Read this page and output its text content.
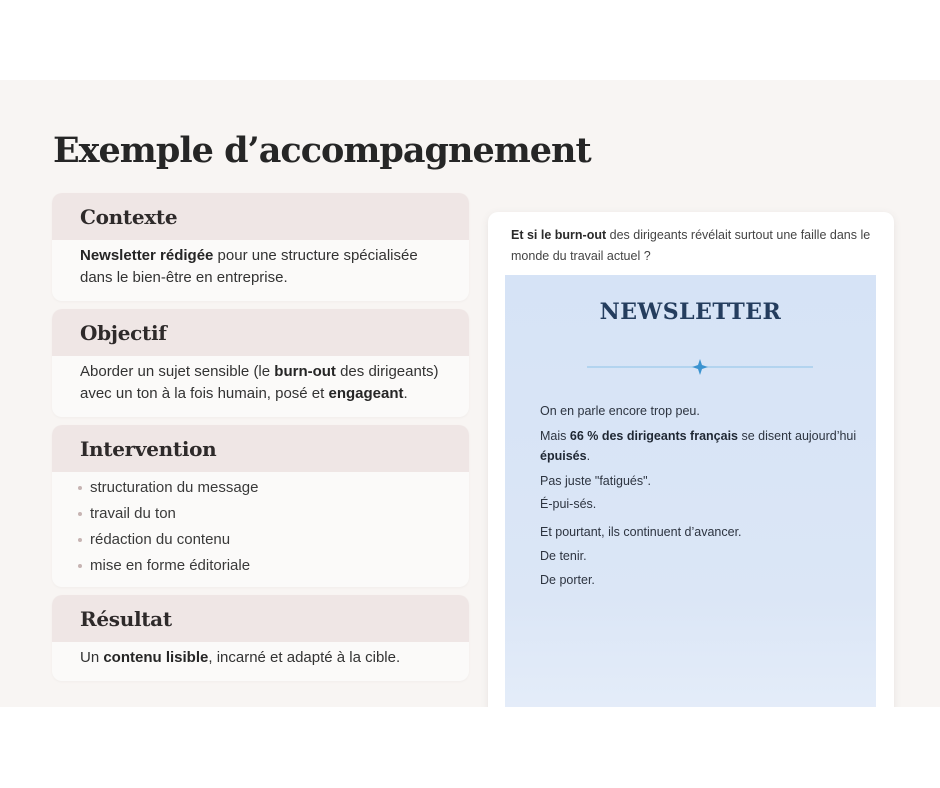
Exemple d’accompagnement
Contexte
Newsletter rédigée pour une structure spécialisée dans le bien-être en entreprise.
Objectif
Aborder un sujet sensible (le burn-out des dirigeants) avec un ton à la fois humain, posé et engageant.
Intervention
structuration du message
travail du ton
rédaction du contenu
mise en forme éditoriale
Résultat
Un contenu lisible, incarné et adapté à la cible.
Et si le burn-out des dirigeants révélait surtout une faille dans le monde du travail actuel ?
NEWSLETTER

On en parle encore trop peu.

Mais 66 % des dirigeants français se disent aujourd’hui épuisés.

Pas juste "fatigués".

É-pui-sés.

Et pourtant, ils continuent d’avancer.

De tenir.

De porter.
